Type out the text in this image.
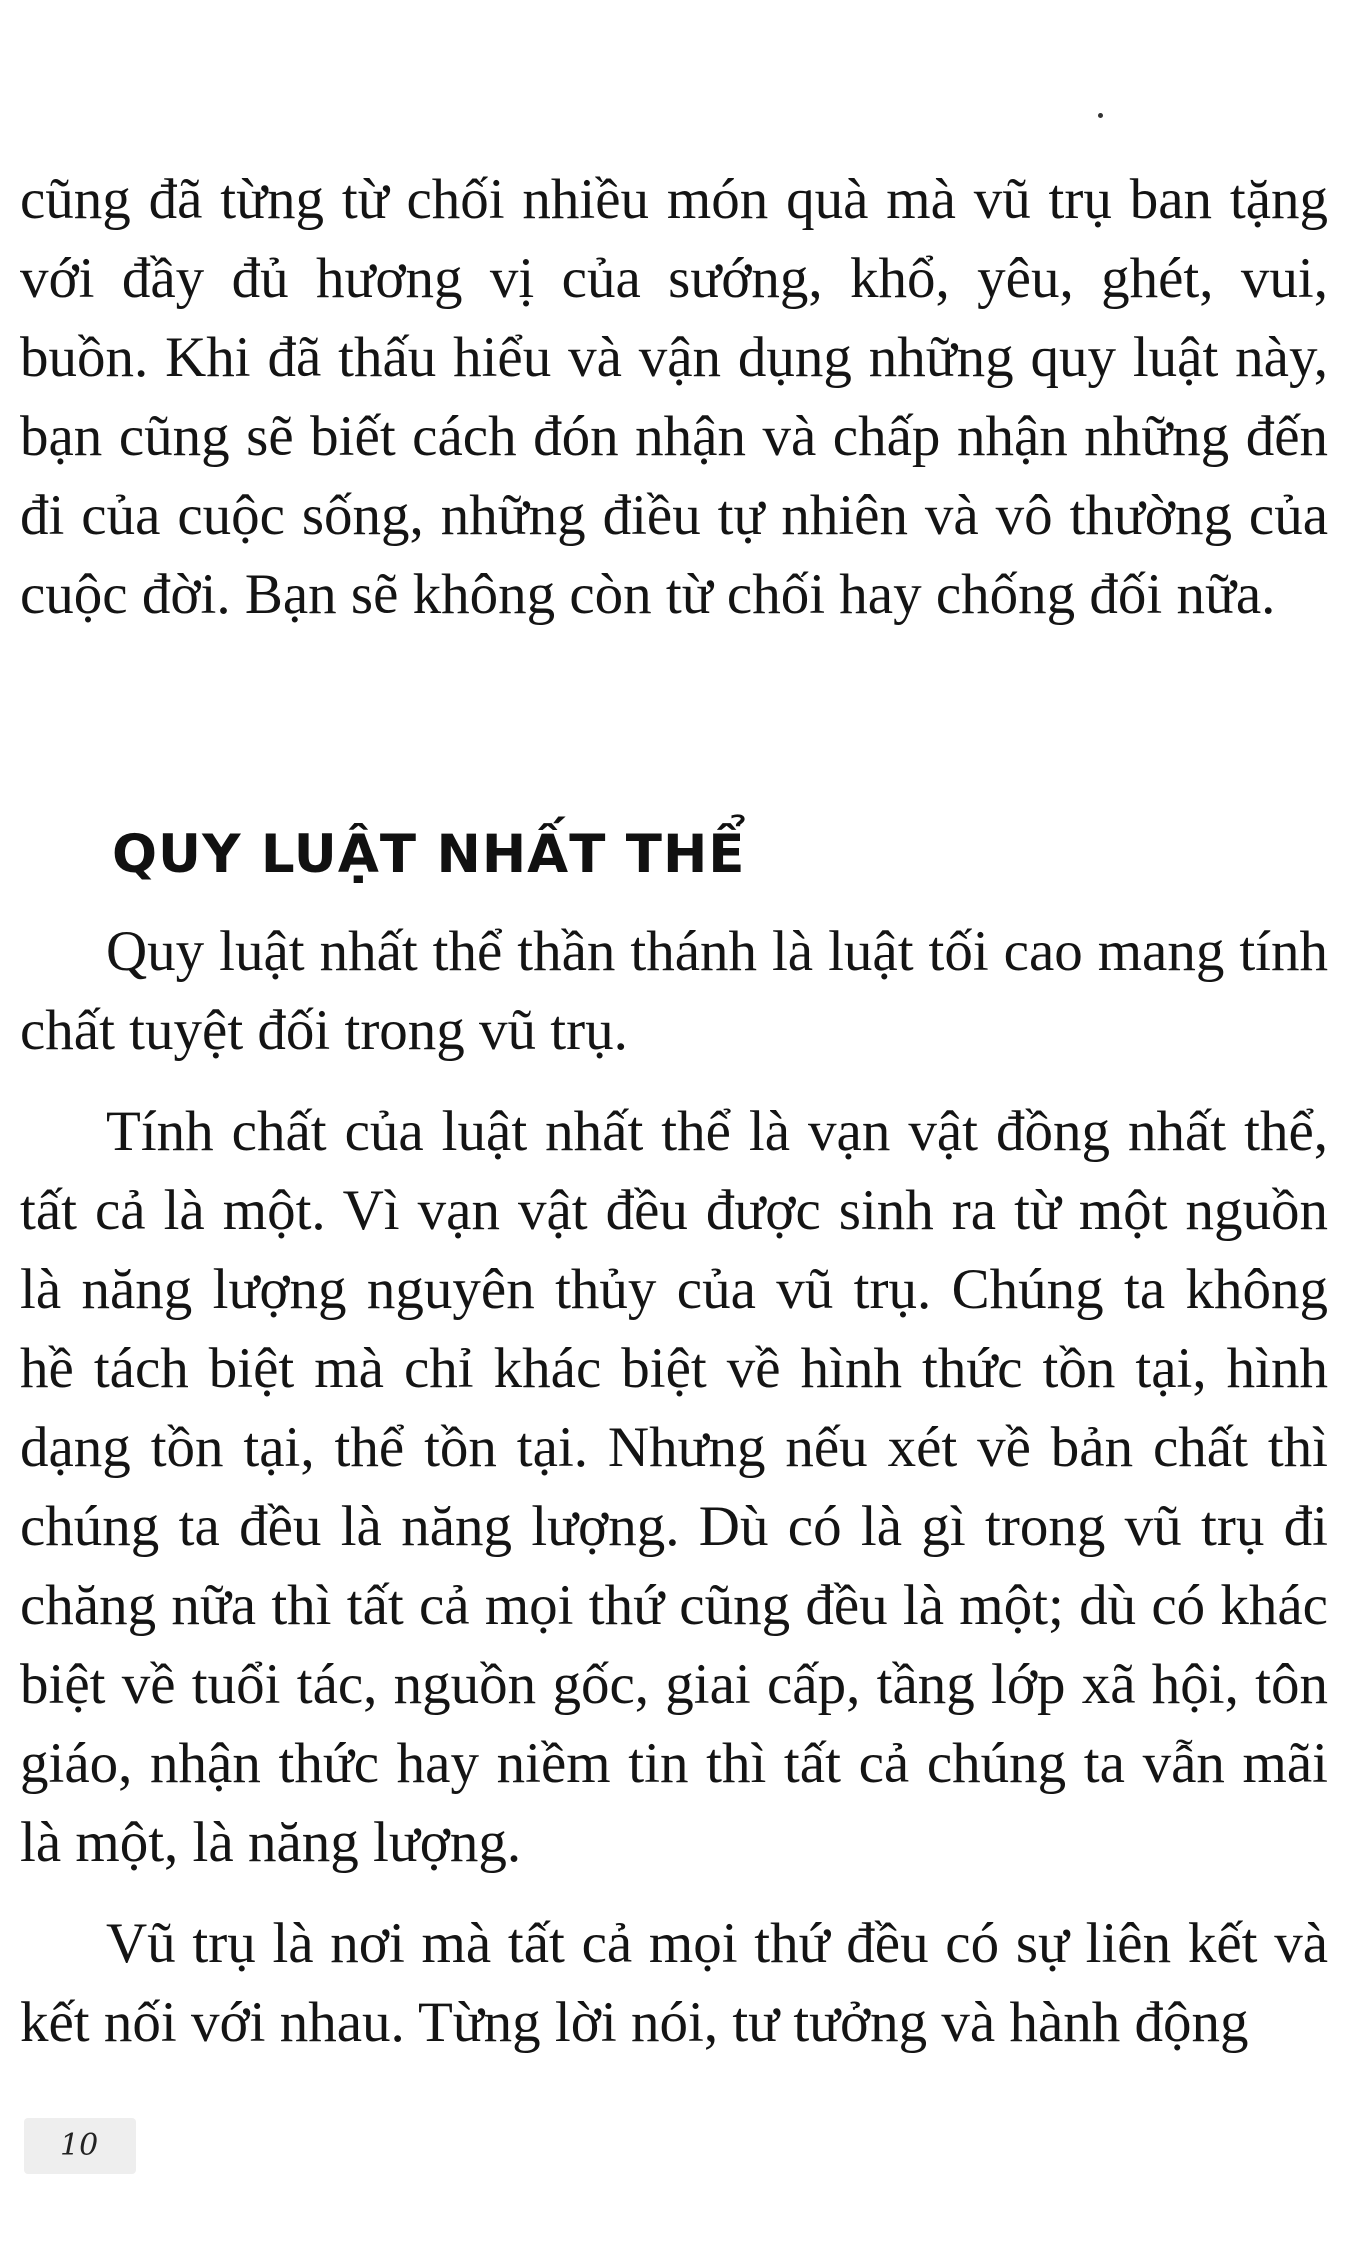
cũng đã từng từ chối nhiều món quà mà vũ trụ ban tặng với đầy đủ hương vị của sướng, khổ, yêu, ghét, vui, buồn. Khi đã thấu hiểu và vận dụng những quy luật này, bạn cũng sẽ biết cách đón nhận và chấp nhận những đến đi của cuộc sống, những điều tự nhiên và vô thường của cuộc đời. Bạn sẽ không còn từ chối hay chống đối nữa.

QUY LUẬT NHẤT THỂ

Quy luật nhất thể thần thánh là luật tối cao mang tính chất tuyệt đối trong vũ trụ.

Tính chất của luật nhất thể là vạn vật đồng nhất thể, tất cả là một. Vì vạn vật đều được sinh ra từ một nguồn là năng lượng nguyên thủy của vũ trụ. Chúng ta không hề tách biệt mà chỉ khác biệt về hình thức tồn tại, hình dạng tồn tại, thể tồn tại. Nhưng nếu xét về bản chất thì chúng ta đều là năng lượng. Dù có là gì trong vũ trụ đi chăng nữa thì tất cả mọi thứ cũng đều là một; dù có khác biệt về tuổi tác, nguồn gốc, giai cấp, tầng lớp xã hội, tôn giáo, nhận thức hay niềm tin thì tất cả chúng ta vẫn mãi là một, là năng lượng.

Vũ trụ là nơi mà tất cả mọi thứ đều có sự liên kết và kết nối với nhau. Từng lời nói, tư tưởng và hành động

10
